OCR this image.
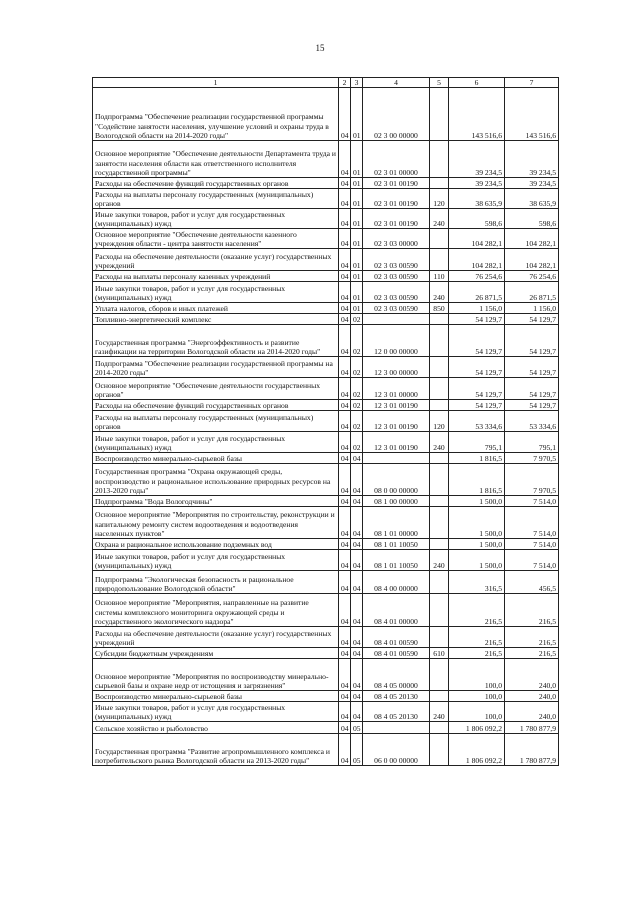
15
1	2	3	4	5	6	7
Подпрограмма "Обеспечение реализации государственной программы "Содействие занятости населения, улучшение условий и охраны труда в Вологодской области на 2014-2020 годы"	04	01	02 3 00 00000		143 516,6	143 516,6
Основное мероприятие "Обеспечение деятельности Департамента труда и занятости населения области как ответственного исполнителя государственной программы"	04	01	02 3 01 00000		39 234,5	39 234,5
Расходы на обеспечение функций государственных органов	04	01	02 3 01 00190		39 234,5	39 234,5
Расходы на выплаты персоналу государственных (муниципальных) органов	04	01	02 3 01 00190	120	38 635,9	38 635,9
Иные закупки товаров, работ и услуг для государственных (муниципальных) нужд	04	01	02 3 01 00190	240	598,6	598,6
Основное мероприятие "Обеспечение деятельности казенного учреждения области - центра занятости населения"	04	01	02 3 03 00000		104 282,1	104 282,1
Расходы на обеспечение деятельности (оказание услуг) государственных учреждений	04	01	02 3 03 00590		104 282,1	104 282,1
Расходы на выплаты персоналу казенных учреждений	04	01	02 3 03 00590	110	76 254,6	76 254,6
Иные закупки товаров, работ и услуг для государственных (муниципальных) нужд	04	01	02 3 03 00590	240	26 871,5	26 871,5
Уплата налогов, сборов и иных платежей	04	01	02 3 03 00590	850	1 156,0	1 156,0
Топливно-энергетический комплекс	04	02			54 129,7	54 129,7
Государственная программа "Энергоэффективность и развитие газификации на территории Вологодской области на 2014-2020 годы"	04	02	12 0 00 00000		54 129,7	54 129,7
Подпрограмма "Обеспечение реализации государственной программы на 2014-2020 годы"	04	02	12 3 00 00000		54 129,7	54 129,7
Основное мероприятие "Обеспечение деятельности государственных органов"	04	02	12 3 01 00000		54 129,7	54 129,7
Расходы на обеспечение функций государственных органов	04	02	12 3 01 00190		54 129,7	54 129,7
Расходы на выплаты персоналу государственных (муниципальных) органов	04	02	12 3 01 00190	120	53 334,6	53 334,6
Иные закупки товаров, работ и услуг для государственных (муниципальных) нужд	04	02	12 3 01 00190	240	795,1	795,1
Воспроизводство минерально-сырьевой базы	04	04			1 816,5	7 970,5
Государственная программа "Охрана окружающей среды, воспроизводство и рациональное использование природных ресурсов на 2013-2020 годы"	04	04	08 0 00 00000		1 816,5	7 970,5
Подпрограмма "Вода Вологодчины"	04	04	08 1 00 00000		1 500,0	7 514,0
Основное мероприятие "Мероприятия по строительству, реконструкции и капитальному ремонту систем водоотведения и водоотведения населенных пунктов"	04	04	08 1 01 00000		1 500,0	7 514,0
Охрана и рациональное использование подземных вод	04	04	08 1 01 10050		1 500,0	7 514,0
Иные закупки товаров, работ и услуг для государственных (муниципальных) нужд	04	04	08 1 01 10050	240	1 500,0	7 514,0
Подпрограмма "Экологическая безопасность и рациональное природопользование Вологодской области"	04	04	08 4 00 00000		316,5	456,5
Основное мероприятие "Мероприятия, направленные на развитие системы комплексного мониторинга окружающей среды и государственного экологического надзора"	04	04	08 4 01 00000		216,5	216,5
Расходы на обеспечение деятельности (оказание услуг) государственных учреждений	04	04	08 4 01 00590		216,5	216,5
Субсидии бюджетным учреждениям	04	04	08 4 01 00590	610	216,5	216,5
Основное мероприятие "Мероприятия по воспроизводству минерально-сырьевой базы и охране недр от истощения и загрязнения"	04	04	08 4 05 00000		100,0	240,0
Воспроизводство минерально-сырьевой базы	04	04	08 4 05 20130		100,0	240,0
Иные закупки товаров, работ и услуг для государственных (муниципальных) нужд	04	04	08 4 05 20130	240	100,0	240,0
Сельское хозяйство и рыболовство	04	05			1 806 092,2	1 780 877,9
Государственная программа "Развитие агропромышленного комплекса и потребительского рынка Вологодской области на 2013-2020 годы"	04	05	06 0 00 00000		1 806 092,2	1 780 877,9
